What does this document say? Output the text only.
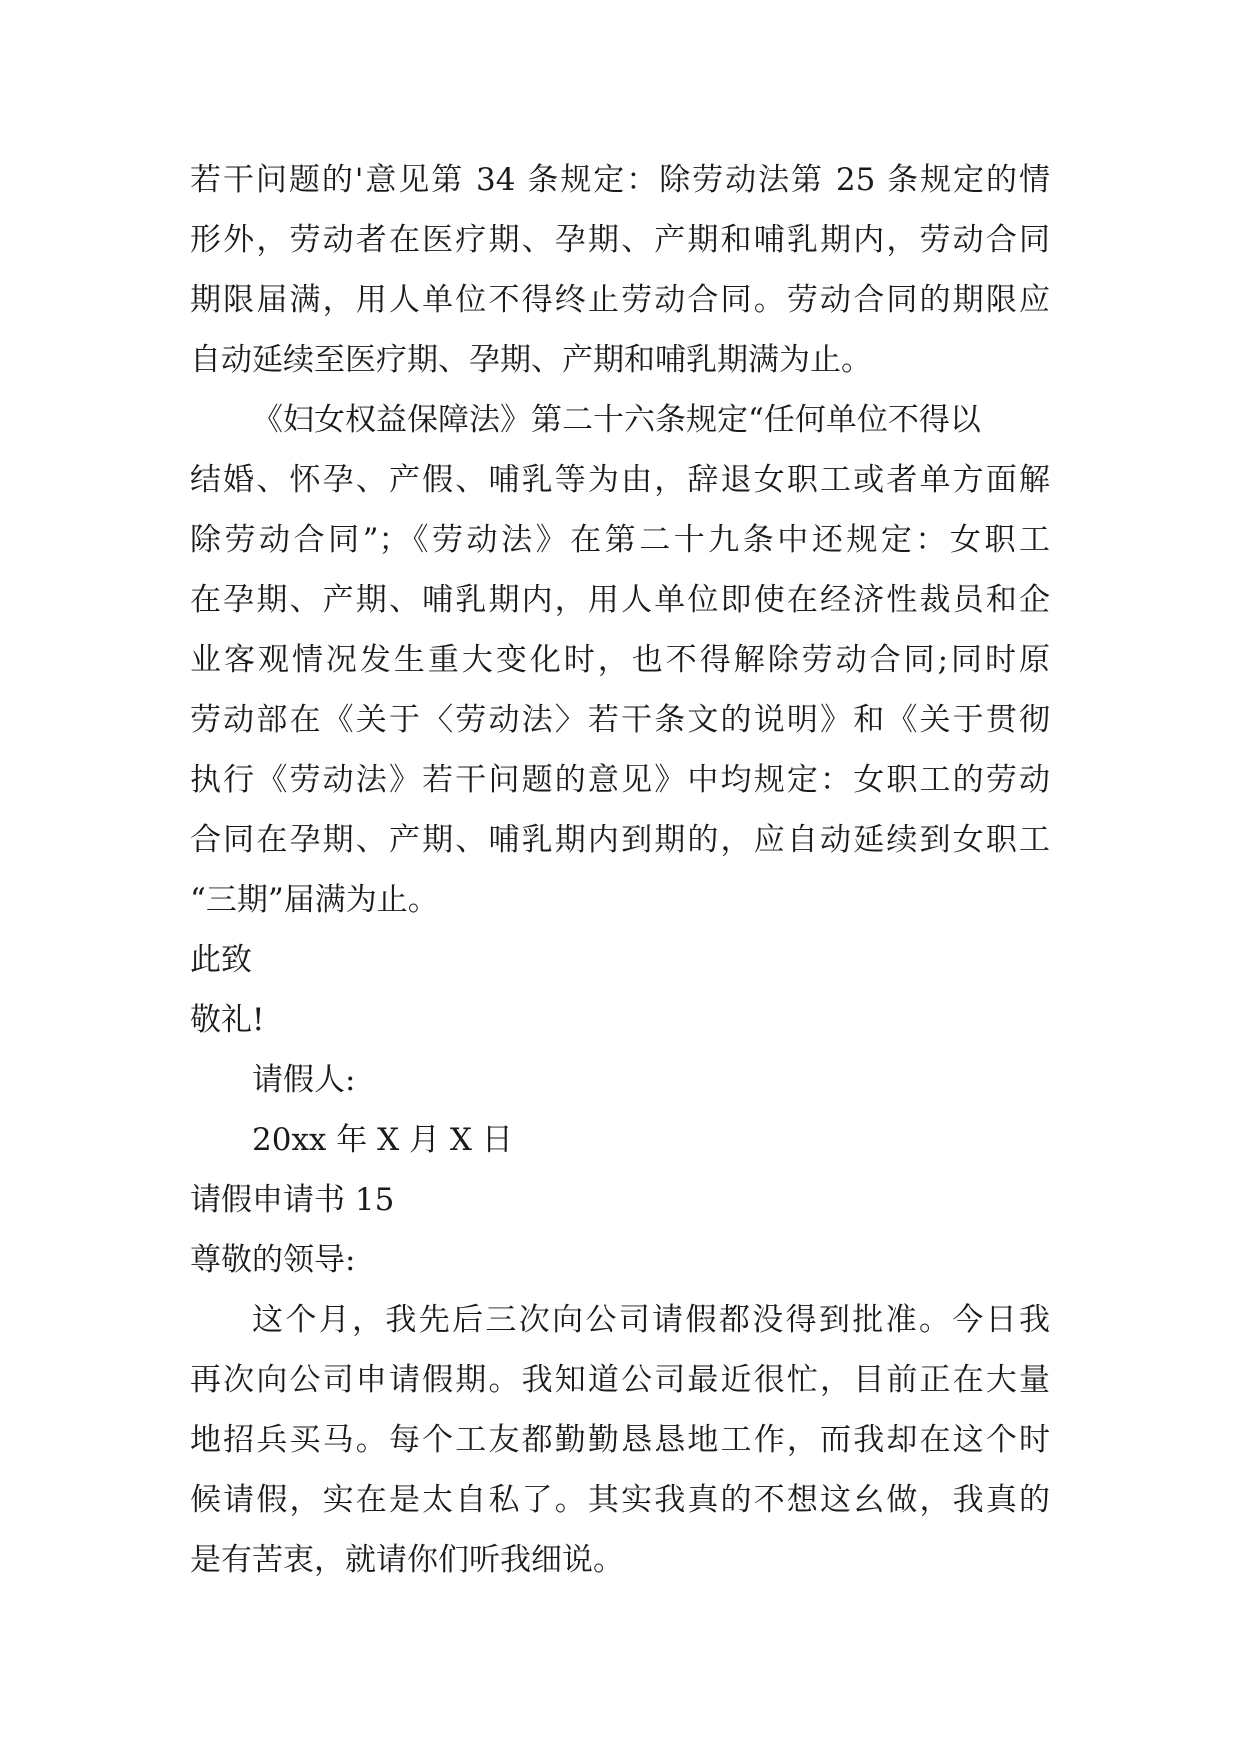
若干问题的'意见第 34 条规定：除劳动法第 25 条规定的情
形外，劳动者在医疗期、孕期、产期和哺乳期内，劳动合同
期限届满，用人单位不得终止劳动合同。劳动合同的期限应
自动延续至医疗期、孕期、产期和哺乳期满为止。
《妇女权益保障法》第二十六条规定“任何单位不得以
结婚、怀孕、产假、哺乳等为由，辞退女职工或者单方面解
除劳动合同”；《劳动法》在第二十九条中还规定：女职工
在孕期、产期、哺乳期内，用人单位即使在经济性裁员和企
业客观情况发生重大变化时，也不得解除劳动合同;同时原
劳动部在《关于〈劳动法〉若干条文的说明》和《关于贯彻
执行《劳动法》若干问题的意见》中均规定：女职工的劳动
合同在孕期、产期、哺乳期内到期的，应自动延续到女职工
“三期”届满为止。
此致
敬礼!
请假人:
20xx 年 X 月 X 日
请假申请书 15
尊敬的领导:
这个月，我先后三次向公司请假都没得到批准。今日我
再次向公司申请假期。我知道公司最近很忙，目前正在大量
地招兵买马。每个工友都勤勤恳恳地工作，而我却在这个时
候请假，实在是太自私了。其实我真的不想这幺做，我真的
是有苦衷，就请你们听我细说。
